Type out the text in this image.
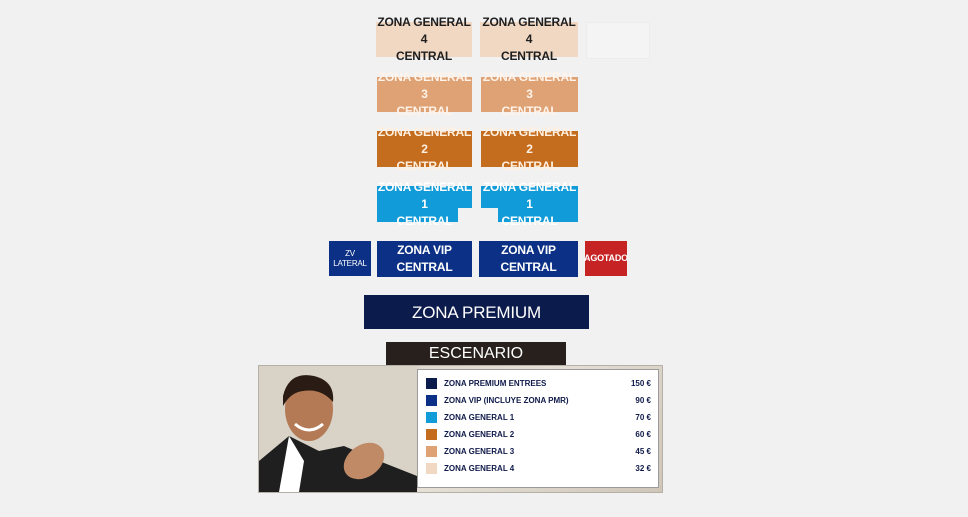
ZONA GENERAL 4
CENTRAL
ZONA GENERAL 4
CENTRAL
ZONA GENERAL 3
CENTRAL
ZONA GENERAL 3
CENTRAL
ZONA GENERAL 2
CENTRAL
ZONA GENERAL 2
CENTRAL
ZONA GENERAL 1
CENTRAL
ZONA GENERAL 1
CENTRAL
ZV
LATERAL
ZONA VIP
CENTRAL
ZONA VIP
CENTRAL
AGOTADO
ZONA PREMIUM
ESCENARIO
ZONA PREMIUM ENTREES	150 €
ZONA VIP (INCLUYE ZONA PMR)	90 €
ZONA GENERAL 1	70 €
ZONA GENERAL 2	60 €
ZONA GENERAL 3	45 €
ZONA GENERAL 4	32 €
